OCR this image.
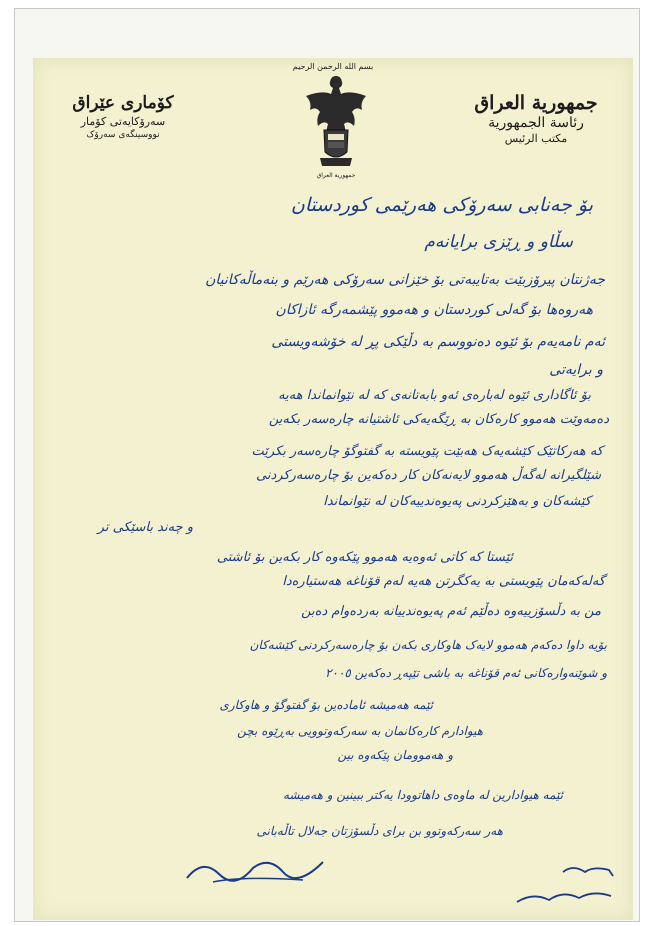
بسم الله الرحمن الرحيم
جمهورية العراق
رئاسة الجمهورية
مكتب الرئيس
كۆماری عێراق
سەرۆکایەتی کۆمار
نووسینگەی سەرۆک
جمهورية العراق
بۆ جەنابی سەرۆکی هەرێمی کوردستان
سڵاو و ڕێزی برایانەم
جەژنتان پیرۆزبێت بەتایبەتی بۆ خێزانی سەرۆکی هەرێم و بنەماڵەکانیان
هەروەها بۆ گەلی کوردستان و هەموو پێشمەرگە ئازاکان
ئەم نامەیەم بۆ ئێوە دەنووسم بە دڵێکی پڕ لە خۆشەویستی
و برایەتی
بۆ ئاگاداری ئێوە لەبارەی ئەو بابەتانەی کە لە نێوانماندا هەیە
دەمەوێت هەموو کارەکان بە ڕێگەیەکی ئاشتیانە چارەسەر بکەین
کە هەرکاتێک کێشەیەک هەبێت پێویستە بە گفتوگۆ چارەسەر بکرێت
شێلگیرانە لەگەڵ هەموو لایەنەکان کار دەکەین بۆ چارەسەرکردنی
کێشەکان و بەهێزکردنی پەیوەندییەکان لە نێوانماندا
و چەند باسێکی تر
ئێستا کە کاتی ئەوەیە هەموو پێکەوە کار بکەین بۆ ئاشتی
گەلەکەمان پێویستی بە یەکگرتن هەیە لەم قۆناغە هەستیارەدا
من بە دڵسۆزییەوە دەڵێم ئەم پەیوەندییانە بەردەوام دەبن
بۆیە داوا دەکەم هەموو لایەک هاوکاری بکەن بۆ چارەسەرکردنی کێشەکان
و شوێنەوارەکانی ئەم قۆناغە بە باشی تێپەڕ دەکەین ٢٠٠٥
ئێمە هەمیشە ئامادەین بۆ گفتوگۆ و هاوکاری
هیوادارم کارەکانمان بە سەرکەوتوویی بەڕێوە بچن
و هەموومان پێکەوە بین
ئێمە هیوادارین لە ماوەی داهاتوودا یەکتر ببینین و هەمیشە
هەر سەرکەوتوو بن برای دڵسۆزتان جەلال تاڵەبانی
